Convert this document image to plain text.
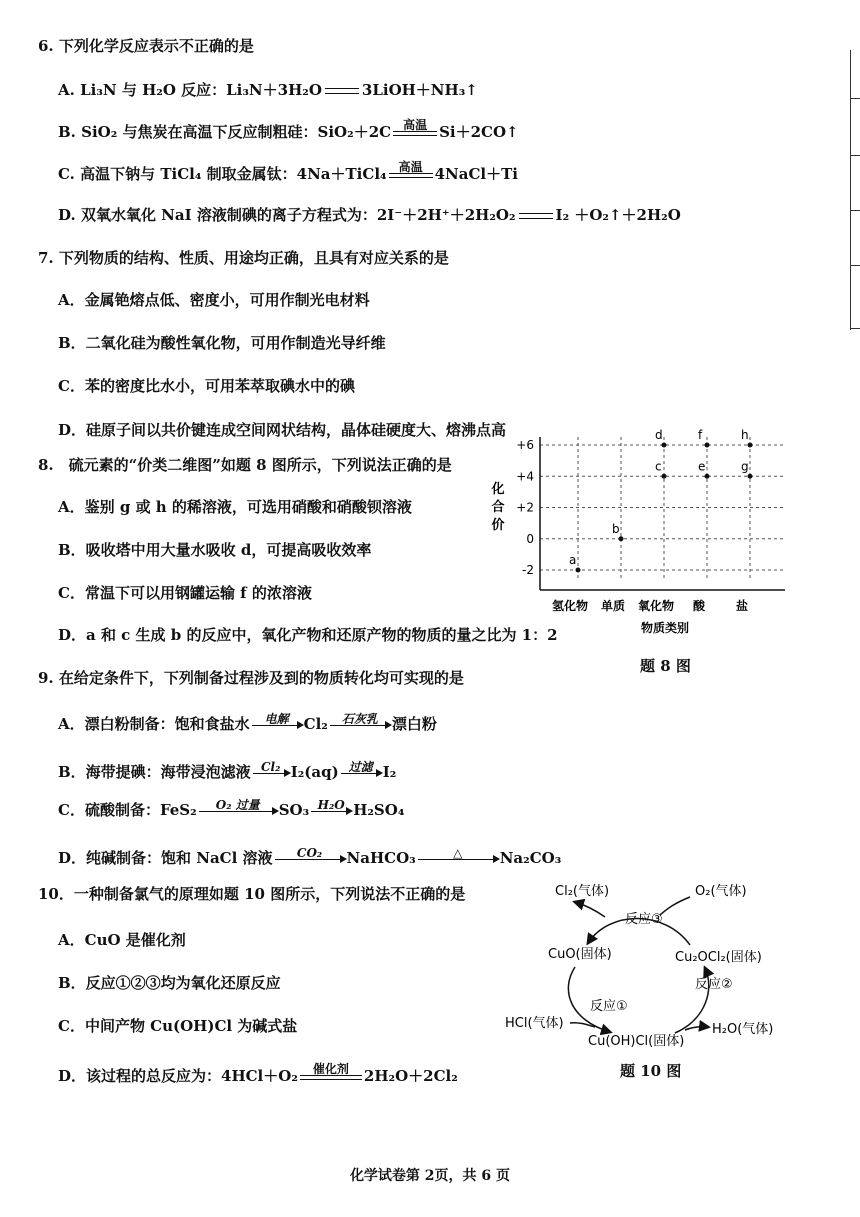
6. 下列化学反应表示不正确的是
A. Li₃N 与 H₂O 反应：Li₃N＋3H₂O	3LiOH＋NH₃↑
B. SiO₂ 与焦炭在高温下反应制粗硅：SiO₂＋2C 高温 Si＋2CO↑
C. 高温下钠与 TiCl₄ 制取金属钛：4Na＋TiCl₄ 高温 4NaCl＋Ti
D. 双氧水氧化 NaI 溶液制碘的离子方程式为：2I⁻＋2H⁺＋2H₂O₂	I₂ ＋O₂↑＋2H₂O
7. 下列物质的结构、性质、用途均正确，且具有对应关系的是
A．金属铯熔点低、密度小，可用作制光电材料
B．二氧化硅为酸性氧化物，可用作制造光导纤维
C．苯的密度比水小，可用苯萃取碘水中的碘
D．硅原子间以共价键连成空间网状结构，晶体硅硬度大、熔沸点高
8.　硫元素的“价类二维图”如题 8 图所示，下列说法正确的是
A．鉴别 g 或 h 的稀溶液，可选用硝酸和硝酸钡溶液
B．吸收塔中用大量水吸收 d，可提高吸收效率
C．常温下可以用钢罐运输 f 的浓溶液
D．a 和 c 生成 b 的反应中，氧化产物和还原产物的物质的量之比为 1：2
+6
+4
+2
0
-2
氢化物 单质 氧化物 酸	盐
化
合
价
物质类别
a
b
c
d
e
f
g
h
题 8 图
9. 在给定条件下，下列制备过程涉及到的物质转化均可实现的是
A．漂白粉制备：饱和食盐水	电解	Cl₂	石灰乳 漂白粉
B．海带提碘：海带浸泡滤液 Cl₂ I₂(aq) 过滤 I₂
C．硫酸制备：FeS₂	O₂ 过量	SO₃ H₂O H₂SO₄
D．纯碱制备：饱和 NaCl 溶液	CO₂	NaHCO₃	△	Na₂CO₃
10．一种制备氯气的原理如题 10 图所示，下列说法不正确的是
A．CuO 是催化剂
B．反应①②③均为氧化还原反应
C．中间产物 Cu(OH)Cl 为碱式盐
D．该过程的总反应为：4HCl＋O₂	催化剂	2H₂O＋2Cl₂
Cl₂(气体)	O₂(气体)
反应③
CuO(固体)	Cu₂OCl₂(固体)
反应②
反应①
HCl(气体)
Cu(OH)Cl(固体)
H₂O(气体)
题 10 图
化学试卷第 2页，共 6 页
